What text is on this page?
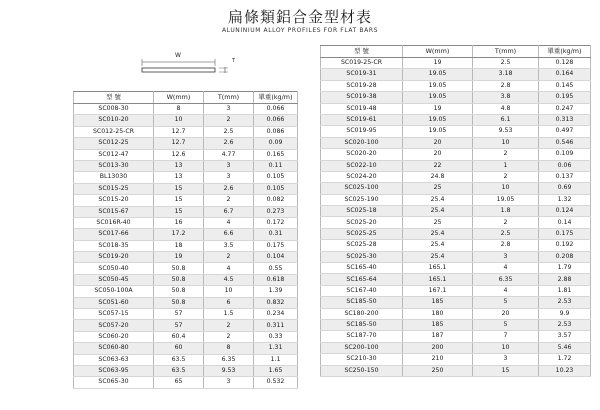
扁條類鋁合金型材表
ALUNINIUM ALLOY PROFILES FOR FLAT BARS
W
T
型 號	W(mm)	T(mm)	單重(kg/m)
SC008-30	8	3	0.066
SC010-20	10	2	0.066
SC012-25-CR	12.7	2.5	0.086
SC012-25	12.7	2.6	0.09
SC012-47	12.6	4.77	0.165
SC013-30	13	3	0.11
BL13030	13	3	0.105
SC015-25	15	2.6	0.105
SC015-20	15	2	0.082
SC015-67	15	6.7	0.273
SC016R-40	16	4	0.172
SC017-66	17.2	6.6	0.31
SC018-35	18	3.5	0.175
SC019-20	19	2	0.104
SC050-40	50.8	4	0.55
SC050-45	50.8	4.5	0.618
SC050-100A	50.8	10	1.39
SC051-60	50.8	6	0.832
SC057-15	57	1.5	0.234
SC057-20	57	2	0.311
SC060-20	60.4	2	0.33
SC060-80	60	8	1.31
SC063-63	63.5	6.35	1.1
SC063-95	63.5	9.53	1.65
SC065-30	65	3	0.532
型 號	W(mm)	T(mm)	單重(kg/m)
SC019-25-CR	19	2.5	0.128
SC019-31	19.05	3.18	0.164
SC019-28	19.05	2.8	0.145
SC019-38	19.05	3.8	0.195
SC019-48	19	4.8	0.247
SC019-61	19.05	6.1	0.313
SC019-95	19.05	9.53	0.497
SC020-100	20	10	0.546
SC020-20	20	2	0.109
SC022-10	22	1	0.06
SC024-20	24.8	2	0.137
SC025-100	25	10	0.69
SC025-190	25.4	19.05	1.32
SC025-18	25.4	1.8	0.124
SC025-20	25	2	0.14
SC025-25	25.4	2.5	0.175
SC025-28	25.4	2.8	0.192
SC025-30	25.4	3	0.208
SC165-40	165.1	4	1.79
SC165-64	165.1	6.35	2.88
SC167-40	167.1	4	1.81
SC185-50	185	5	2.53
SC180-200	180	20	9.9
SC185-50	185	5	2.53
SC187-70	187	7	3.57
SC200-100	200	10	5.46
SC210-30	210	3	1.72
SC250-150	250	15	10.23
